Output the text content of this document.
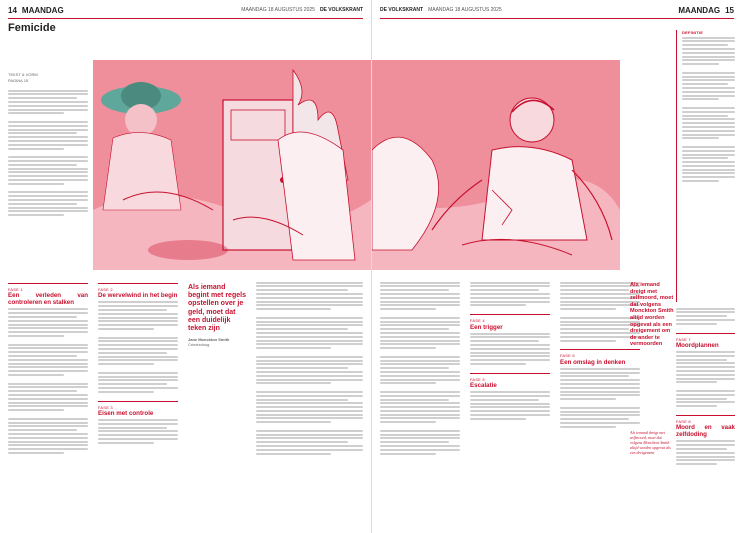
14 MAANDAG	MAANDAG 18 AUGUSTUS 2025 DE VOLKSKRANT
Femicide
TEKST & VORM
PAGINA 15
FASE 1
Een verleden van controleren en stalken
FASE 2
De wervelwind in het begin
FASE 3
Eisen met controle
Als iemand begint met regels opstellen over je geld, moet dat een duidelijk teken zijn
Jane Monckton Smith
Criminoloog
DE VOLKSKRANT MAANDAG 18 AUGUSTUS 2025	MAANDAG 15
DEFINITIE
FASE 4
Een trigger
FASE 5
Escalatie
FASE 6
Een omslag in denken
Als iemand dreigt met zelfmoord, moet dat volgens Monckton Smith altijd worden opgevat als een dreigement om de ander te vermoorden
Als iemand dreigt met zelfmoord, moet dat volgens Monckton Smith altijd worden opgevat als een dreigement
FASE 7
Moordplannen
FASE 8
Moord en vaak zelfdoding
